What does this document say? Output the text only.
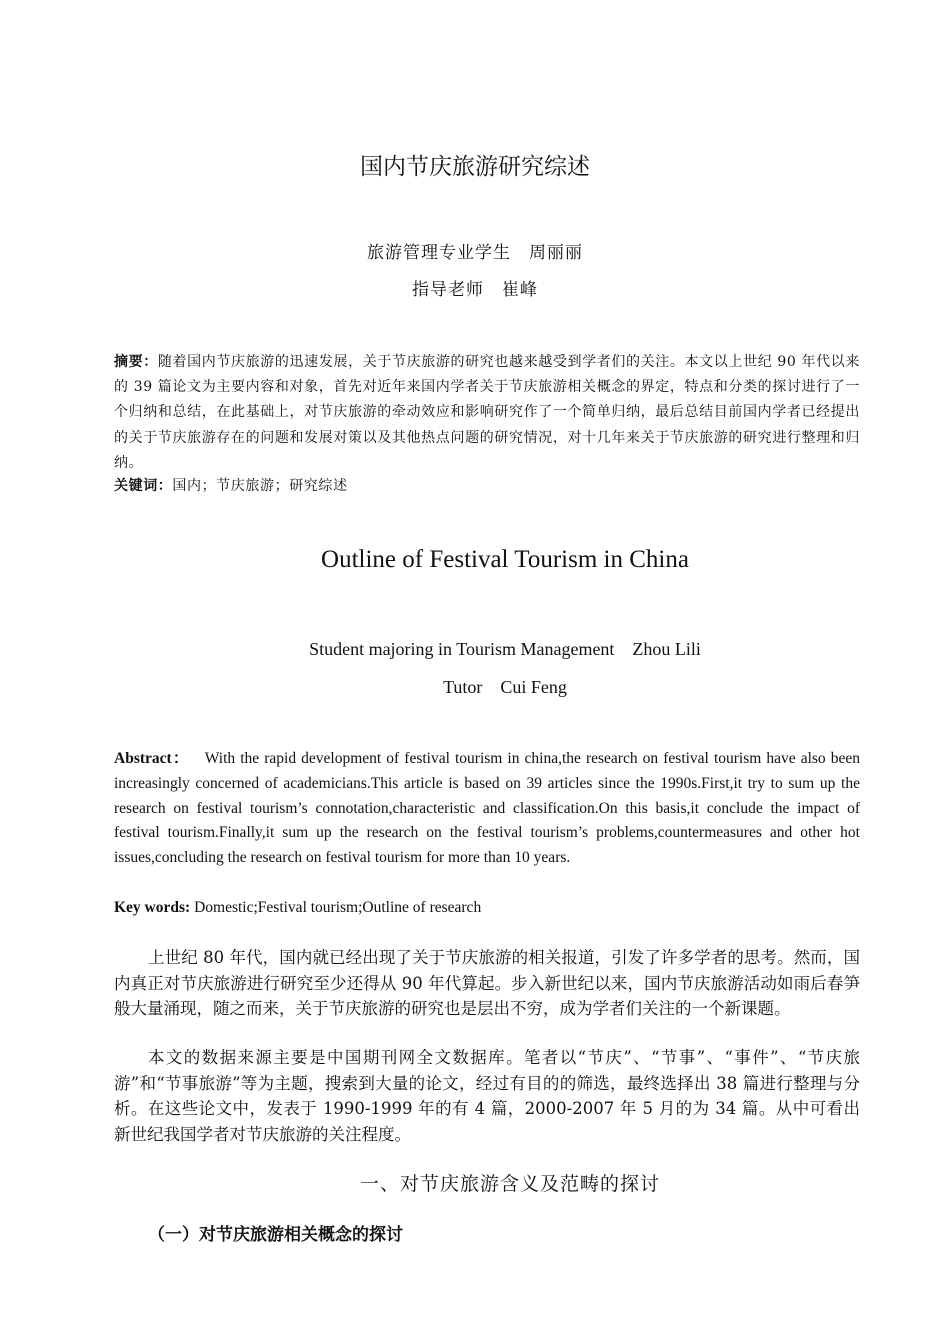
国内节庆旅游研究综述
旅游管理专业学生　周丽丽
指导老师　崔峰
摘要：随着国内节庆旅游的迅速发展，关于节庆旅游的研究也越来越受到学者们的关注。本文以上世纪 90 年代以来的 39 篇论文为主要内容和对象，首先对近年来国内学者关于节庆旅游相关概念的界定，特点和分类的探讨进行了一个归纳和总结，在此基础上，对节庆旅游的牵动效应和影响研究作了一个简单归纳，最后总结目前国内学者已经提出的关于节庆旅游存在的问题和发展对策以及其他热点问题的研究情况，对十几年来关于节庆旅游的研究进行整理和归纳。
关键词：国内；节庆旅游；研究综述
Outline of Festival Tourism in China
Student majoring in Tourism Management　Zhou Lili
Tutor　Cui Feng
Abstract： With the rapid development of festival tourism in china,the research on festival tourism have also been increasingly concerned of academicians.This article is based on 39 articles since the 1990s.First,it try to sum up the research on festival tourism’s connotation,characteristic and classification.On this basis,it conclude the impact of festival tourism.Finally,it sum up the research on the festival tourism’s problems,countermeasures and other hot issues,concluding the research on festival tourism for more than 10 years.
Key words: Domestic;Festival tourism;Outline of research
上世纪 80 年代，国内就已经出现了关于节庆旅游的相关报道，引发了许多学者的思考。然而，国内真正对节庆旅游进行研究至少还得从 90 年代算起。步入新世纪以来，国内节庆旅游活动如雨后春笋般大量涌现，随之而来，关于节庆旅游的研究也是层出不穷，成为学者们关注的一个新课题。
本文的数据来源主要是中国期刊网全文数据库。笔者以“节庆”、“节事”、“事件”、“节庆旅游”和“节事旅游”等为主题，搜索到大量的论文，经过有目的的筛选，最终选择出 38 篇进行整理与分析。在这些论文中，发表于 1990-1999 年的有 4 篇，2000-2007 年 5 月的为 34 篇。从中可看出新世纪我国学者对节庆旅游的关注程度。
一、对节庆旅游含义及范畴的探讨
（一）对节庆旅游相关概念的探讨
